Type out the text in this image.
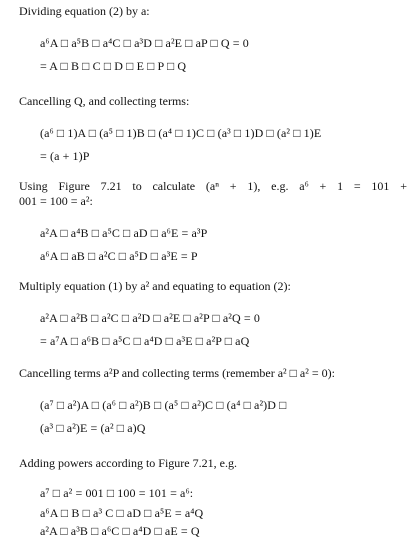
Dividing equation (2) by a:

a⁶A □ a⁵B □ a⁴C □ a³D □ a²E □ aP □ Q = 0

= A □ B □ C □ D □ E □ P □ Q

Cancelling Q, and collecting terms:

(a⁶ □ 1)A □ (a⁵ □ 1)B □ (a⁴ □ 1)C □ (a³ □ 1)D □ (a² □ 1)E

= (a + 1)P

Using Figure 7.21 to calculate (aⁿ + 1), e.g. a⁶ + 1 = 101 +

001 = 100 = a²:

a²A □ a⁴B □ a⁵C □ aD □ a⁶E = a³P

a⁶A □ aB □ a²C □ a⁵D □ a³E = P

Multiply equation (1) by a² and equating to equation (2):

a²A □ a²B □ a²C □ a²D □ a²E □ a²P □ a²Q = 0

= a⁷A □ a⁶B □ a⁵C □ a⁴D □ a³E □ a²P □ aQ

Cancelling terms a²P and collecting terms (remember a² □ a² = 0):

(a⁷ □ a²)A □ (a⁶ □ a²)B □ (a⁵ □ a²)C □ (a⁴ □ a²)D □

(a³ □ a²)E = (a² □ a)Q

Adding powers according to Figure 7.21, e.g.

a⁷ □ a² = 001 □ 100 = 101 = a⁶:

a⁶A □ B □ a³ C □ aD □ a⁵E = a⁴Q

a²A □ a³B □ a⁶C □ a⁴D □ aE = Q
